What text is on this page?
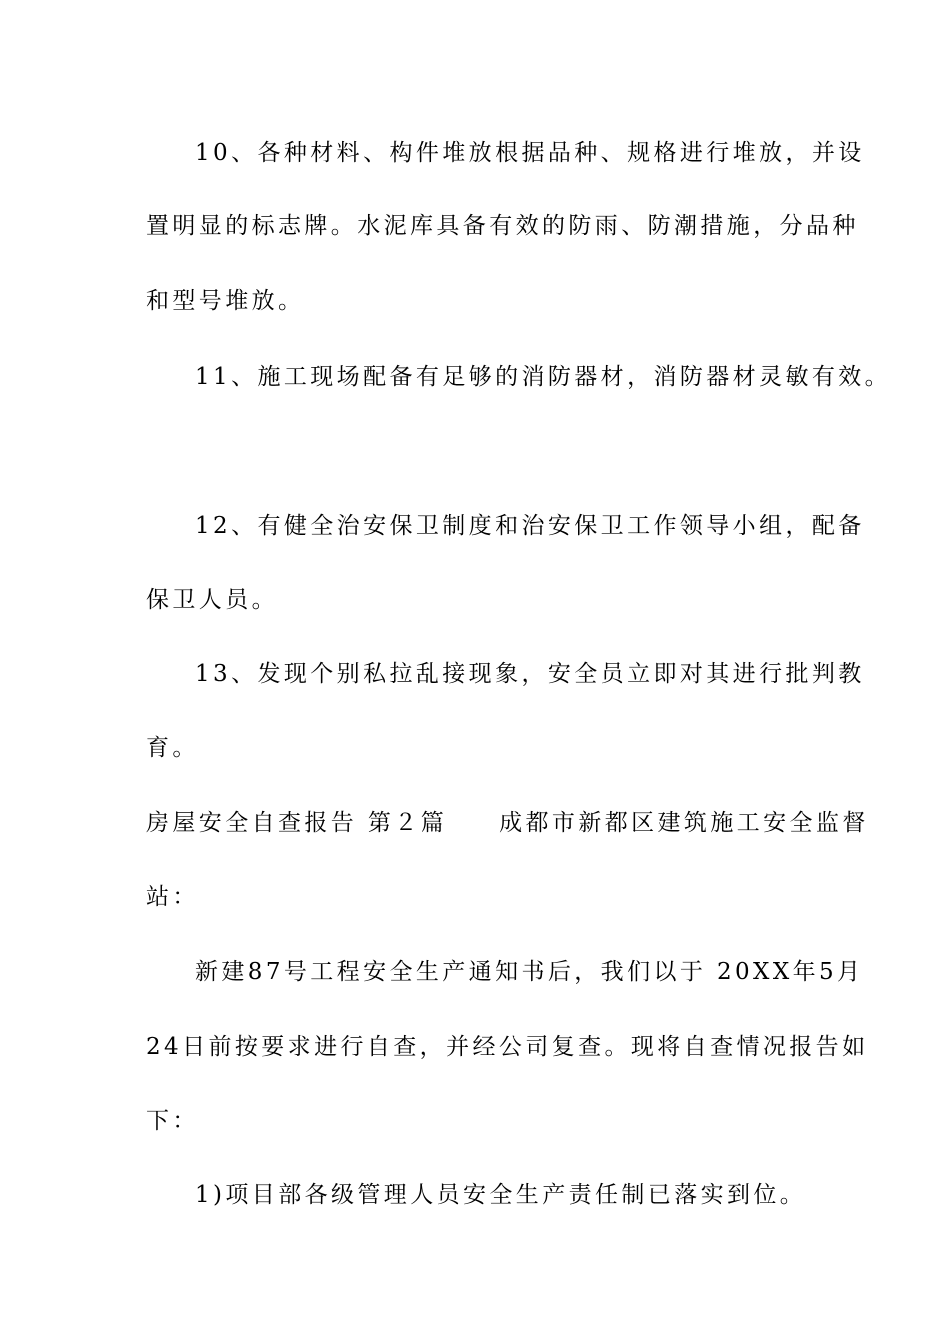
10、各种材料、构件堆放根据品种、规格进行堆放，并设
置明显的标志牌。水泥库具备有效的防雨、防潮措施，分品种
和型号堆放。
11、施工现场配备有足够的消防器材，消防器材灵敏有效。
12、有健全治安保卫制度和治安保卫工作领导小组，配备
保卫人员。
13、发现个别私拉乱接现象，安全员立即对其进行批判教
育。
房屋安全自查报告 第２篇 成都市新都区建筑施工安全监督
站：
新建87号工程安全生产通知书后，我们以于 20XX年5月
24日前按要求进行自查，并经公司复查。现将自查情况报告如
下：
1)项目部各级管理人员安全生产责任制已落实到位。
